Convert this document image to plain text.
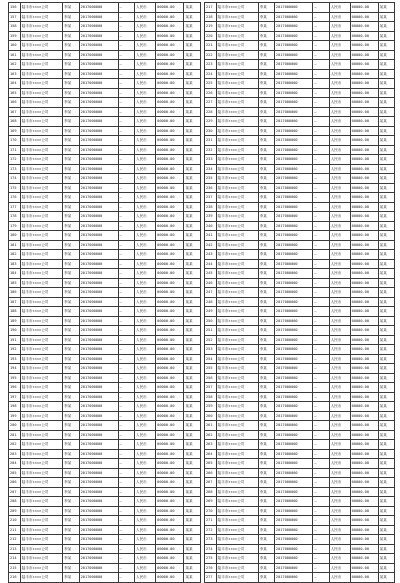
156	陆丰市××××公司	李某	2017000000	—	人民币	00000.00	某某
157	陆丰市××××公司	李某	2017000000	—	人民币	00000.00	某某
158	陆丰市××××公司	李某	2017000000	—	人民币	00000.00	某某
159	陆丰市××××公司	李某	2017000000	—	人民币	00000.00	某某
160	陆丰市××××公司	李某	2017000000	—	人民币	00000.00	某某
161	陆丰市××××公司	李某	2017000000	—	人民币	00000.00	某某
162	陆丰市××××公司	李某	2017000000	—	人民币	00000.00	某某
163	陆丰市××××公司	李某	2017000000	—	人民币	00000.00	某某
164	陆丰市××××公司	李某	2017000000	—	人民币	00000.00	某某
165	陆丰市××××公司	李某	2017000000	—	人民币	00000.00	某某
166	陆丰市××××公司	李某	2017000000	—	人民币	00000.00	某某
167	陆丰市××××公司	李某	2017000000	—	人民币	00000.00	某某
168	陆丰市××××公司	李某	2017000000	—	人民币	00000.00	某某
169	陆丰市××××公司	李某	2017000000	—	人民币	00000.00	某某
170	陆丰市××××公司	李某	2017000000	—	人民币	00000.00	某某
171	陆丰市××××公司	李某	2017000000	—	人民币	00000.00	某某
172	陆丰市××××公司	李某	2017000000	—	人民币	00000.00	某某
173	陆丰市××××公司	李某	2017000000	—	人民币	00000.00	某某
174	陆丰市××××公司	李某	2017000000	—	人民币	00000.00	某某
175	陆丰市××××公司	李某	2017000000	—	人民币	00000.00	某某
176	陆丰市××××公司	李某	2017000000	—	人民币	00000.00	某某
177	陆丰市××××公司	李某	2017000000	—	人民币	00000.00	某某
178	陆丰市××××公司	李某	2017000000	—	人民币	00000.00	某某
179	陆丰市××××公司	李某	2017000000	—	人民币	00000.00	某某
180	陆丰市××××公司	李某	2017000000	—	人民币	00000.00	某某
181	陆丰市××××公司	李某	2017000000	—	人民币	00000.00	某某
182	陆丰市××××公司	李某	2017000000	—	人民币	00000.00	某某
183	陆丰市××××公司	李某	2017000000	—	人民币	00000.00	某某
184	陆丰市××××公司	李某	2017000000	—	人民币	00000.00	某某
185	陆丰市××××公司	李某	2017000000	—	人民币	00000.00	某某
186	陆丰市××××公司	李某	2017000000	—	人民币	00000.00	某某
187	陆丰市××××公司	李某	2017000000	—	人民币	00000.00	某某
188	陆丰市××××公司	李某	2017000000	—	人民币	00000.00	某某
189	陆丰市××××公司	李某	2017000000	—	人民币	00000.00	某某
190	陆丰市××××公司	李某	2017000000	—	人民币	00000.00	某某
191	陆丰市××××公司	李某	2017000000	—	人民币	00000.00	某某
192	陆丰市××××公司	李某	2017000000	—	人民币	00000.00	某某
193	陆丰市××××公司	李某	2017000000	—	人民币	00000.00	某某
194	陆丰市××××公司	李某	2017000000	—	人民币	00000.00	某某
195	陆丰市××××公司	李某	2017000000	—	人民币	00000.00	某某
196	陆丰市××××公司	李某	2017000000	—	人民币	00000.00	某某
197	陆丰市××××公司	李某	2017000000	—	人民币	00000.00	某某
198	陆丰市××××公司	李某	2017000000	—	人民币	00000.00	某某
199	陆丰市××××公司	李某	2017000000	—	人民币	00000.00	某某
200	陆丰市××××公司	李某	2017000000	—	人民币	00000.00	某某
201	陆丰市××××公司	李某	2017000000	—	人民币	00000.00	某某
202	陆丰市××××公司	李某	2017000000	—	人民币	00000.00	某某
203	陆丰市××××公司	李某	2017000000	—	人民币	00000.00	某某
204	陆丰市××××公司	李某	2017000000	—	人民币	00000.00	某某
205	陆丰市××××公司	李某	2017000000	—	人民币	00000.00	某某
206	陆丰市××××公司	李某	2017000000	—	人民币	00000.00	某某
207	陆丰市××××公司	李某	2017000000	—	人民币	00000.00	某某
208	陆丰市××××公司	李某	2017000000	—	人民币	00000.00	某某
209	陆丰市××××公司	李某	2017000000	—	人民币	00000.00	某某
210	陆丰市××××公司	李某	2017000000	—	人民币	00000.00	某某
211	陆丰市××××公司	李某	2017000000	—	人民币	00000.00	某某
212	陆丰市××××公司	李某	2017000000	—	人民币	00000.00	某某
213	陆丰市××××公司	李某	2017000000	—	人民币	00000.00	某某
214	陆丰市××××公司	李某	2017000000	—	人民币	00000.00	某某
215	陆丰市××××公司	李某	2017000000	—	人民币	00000.00	某某
216	陆丰市××××公司	李某	2017000000	—	人民币	00000.00	某某
217	陆丰市××××公司	李某	2017000000	—	人民币	00000.00	某某
218	陆丰市××××公司	李某	2017000000	—	人民币	00000.00	某某
219	陆丰市××××公司	李某	2017000000	—	人民币	00000.00	某某
220	陆丰市××××公司	李某	2017000000	—	人民币	00000.00	某某
221	陆丰市××××公司	李某	2017000000	—	人民币	00000.00	某某
222	陆丰市××××公司	李某	2017000000	—	人民币	00000.00	某某
223	陆丰市××××公司	李某	2017000000	—	人民币	00000.00	某某
224	陆丰市××××公司	李某	2017000000	—	人民币	00000.00	某某
225	陆丰市××××公司	李某	2017000000	—	人民币	00000.00	某某
226	陆丰市××××公司	李某	2017000000	—	人民币	00000.00	某某
227	陆丰市××××公司	李某	2017000000	—	人民币	00000.00	某某
228	陆丰市××××公司	李某	2017000000	—	人民币	00000.00	某某
229	陆丰市××××公司	李某	2017000000	—	人民币	00000.00	某某
230	陆丰市××××公司	李某	2017000000	—	人民币	00000.00	某某
231	陆丰市××××公司	李某	2017000000	—	人民币	00000.00	某某
232	陆丰市××××公司	李某	2017000000	—	人民币	00000.00	某某
233	陆丰市××××公司	李某	2017000000	—	人民币	00000.00	某某
234	陆丰市××××公司	李某	2017000000	—	人民币	00000.00	某某
235	陆丰市××××公司	李某	2017000000	—	人民币	00000.00	某某
236	陆丰市××××公司	李某	2017000000	—	人民币	00000.00	某某
237	陆丰市××××公司	李某	2017000000	—	人民币	00000.00	某某
238	陆丰市××××公司	李某	2017000000	—	人民币	00000.00	某某
239	陆丰市××××公司	李某	2017000000	—	人民币	00000.00	某某
240	陆丰市××××公司	李某	2017000000	—	人民币	00000.00	某某
241	陆丰市××××公司	李某	2017000000	—	人民币	00000.00	某某
242	陆丰市××××公司	李某	2017000000	—	人民币	00000.00	某某
243	陆丰市××××公司	李某	2017000000	—	人民币	00000.00	某某
244	陆丰市××××公司	李某	2017000000	—	人民币	00000.00	某某
245	陆丰市××××公司	李某	2017000000	—	人民币	00000.00	某某
246	陆丰市××××公司	李某	2017000000	—	人民币	00000.00	某某
247	陆丰市××××公司	李某	2017000000	—	人民币	00000.00	某某
248	陆丰市××××公司	李某	2017000000	—	人民币	00000.00	某某
249	陆丰市××××公司	李某	2017000000	—	人民币	00000.00	某某
250	陆丰市××××公司	李某	2017000000	—	人民币	00000.00	某某
251	陆丰市××××公司	李某	2017000000	—	人民币	00000.00	某某
252	陆丰市××××公司	李某	2017000000	—	人民币	00000.00	某某
253	陆丰市××××公司	李某	2017000000	—	人民币	00000.00	某某
254	陆丰市××××公司	李某	2017000000	—	人民币	00000.00	某某
255	陆丰市××××公司	李某	2017000000	—	人民币	00000.00	某某
256	陆丰市××××公司	李某	2017000000	—	人民币	00000.00	某某
257	陆丰市××××公司	李某	2017000000	—	人民币	00000.00	某某
258	陆丰市××××公司	李某	2017000000	—	人民币	00000.00	某某
259	陆丰市××××公司	李某	2017000000	—	人民币	00000.00	某某
260	陆丰市××××公司	李某	2017000000	—	人民币	00000.00	某某
261	陆丰市××××公司	李某	2017000000	—	人民币	00000.00	某某
262	陆丰市××××公司	李某	2017000000	—	人民币	00000.00	某某
263	陆丰市××××公司	李某	2017000000	—	人民币	00000.00	某某
264	陆丰市××××公司	李某	2017000000	—	人民币	00000.00	某某
265	陆丰市××××公司	李某	2017000000	—	人民币	00000.00	某某
266	陆丰市××××公司	李某	2017000000	—	人民币	00000.00	某某
267	陆丰市××××公司	李某	2017000000	—	人民币	00000.00	某某
268	陆丰市××××公司	李某	2017000000	—	人民币	00000.00	某某
269	陆丰市××××公司	李某	2017000000	—	人民币	00000.00	某某
270	陆丰市××××公司	李某	2017000000	—	人民币	00000.00	某某
271	陆丰市××××公司	李某	2017000000	—	人民币	00000.00	某某
272	陆丰市××××公司	李某	2017000000	—	人民币	00000.00	某某
273	陆丰市××××公司	李某	2017000000	—	人民币	00000.00	某某
274	陆丰市××××公司	李某	2017000000	—	人民币	00000.00	某某
275	陆丰市××××公司	李某	2017000000	—	人民币	00000.00	某某
276	陆丰市××××公司	李某	2017000000	—	人民币	00000.00	某某
277	陆丰市××××公司	李某	2017000000	—	人民币	00000.00	某某
